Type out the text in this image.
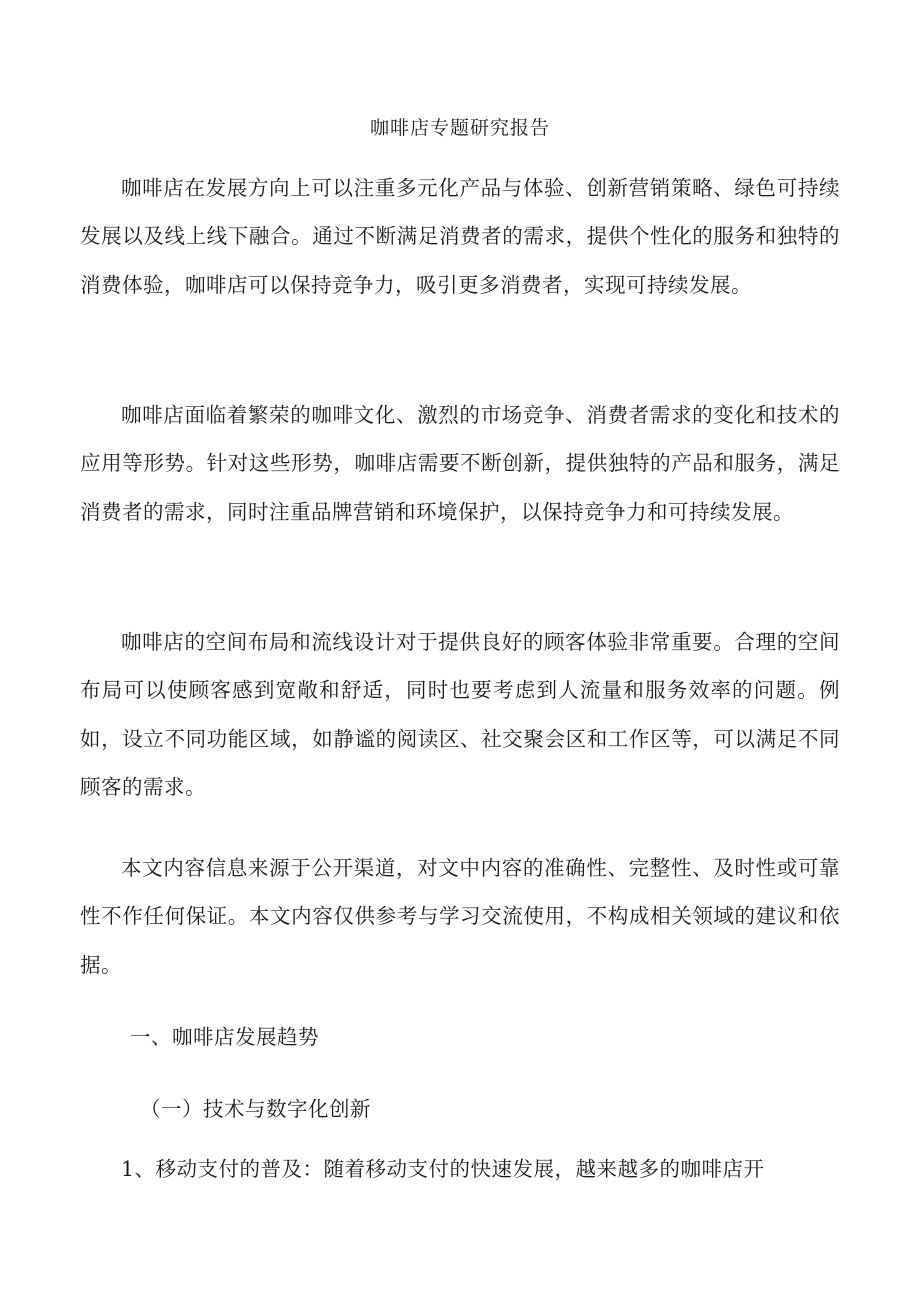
咖啡店专题研究报告

咖啡店在发展方向上可以注重多元化产品与体验、创新营销策略、绿色可持续发展以及线上线下融合。通过不断满足消费者的需求，提供个性化的服务和独特的消费体验，咖啡店可以保持竞争力，吸引更多消费者，实现可持续发展。

咖啡店面临着繁荣的咖啡文化、激烈的市场竞争、消费者需求的变化和技术的应用等形势。针对这些形势，咖啡店需要不断创新，提供独特的产品和服务，满足消费者的需求，同时注重品牌营销和环境保护，以保持竞争力和可持续发展。

咖啡店的空间布局和流线设计对于提供良好的顾客体验非常重要。合理的空间布局可以使顾客感到宽敞和舒适，同时也要考虑到人流量和服务效率的问题。例如，设立不同功能区域，如静谧的阅读区、社交聚会区和工作区等，可以满足不同顾客的需求。

本文内容信息来源于公开渠道，对文中内容的准确性、完整性、及时性或可靠性不作任何保证。本文内容仅供参考与学习交流使用，不构成相关领域的建议和依据。

一、咖啡店发展趋势
（一）技术与数字化创新

1、移动支付的普及：随着移动支付的快速发展，越来越多的咖啡店开
